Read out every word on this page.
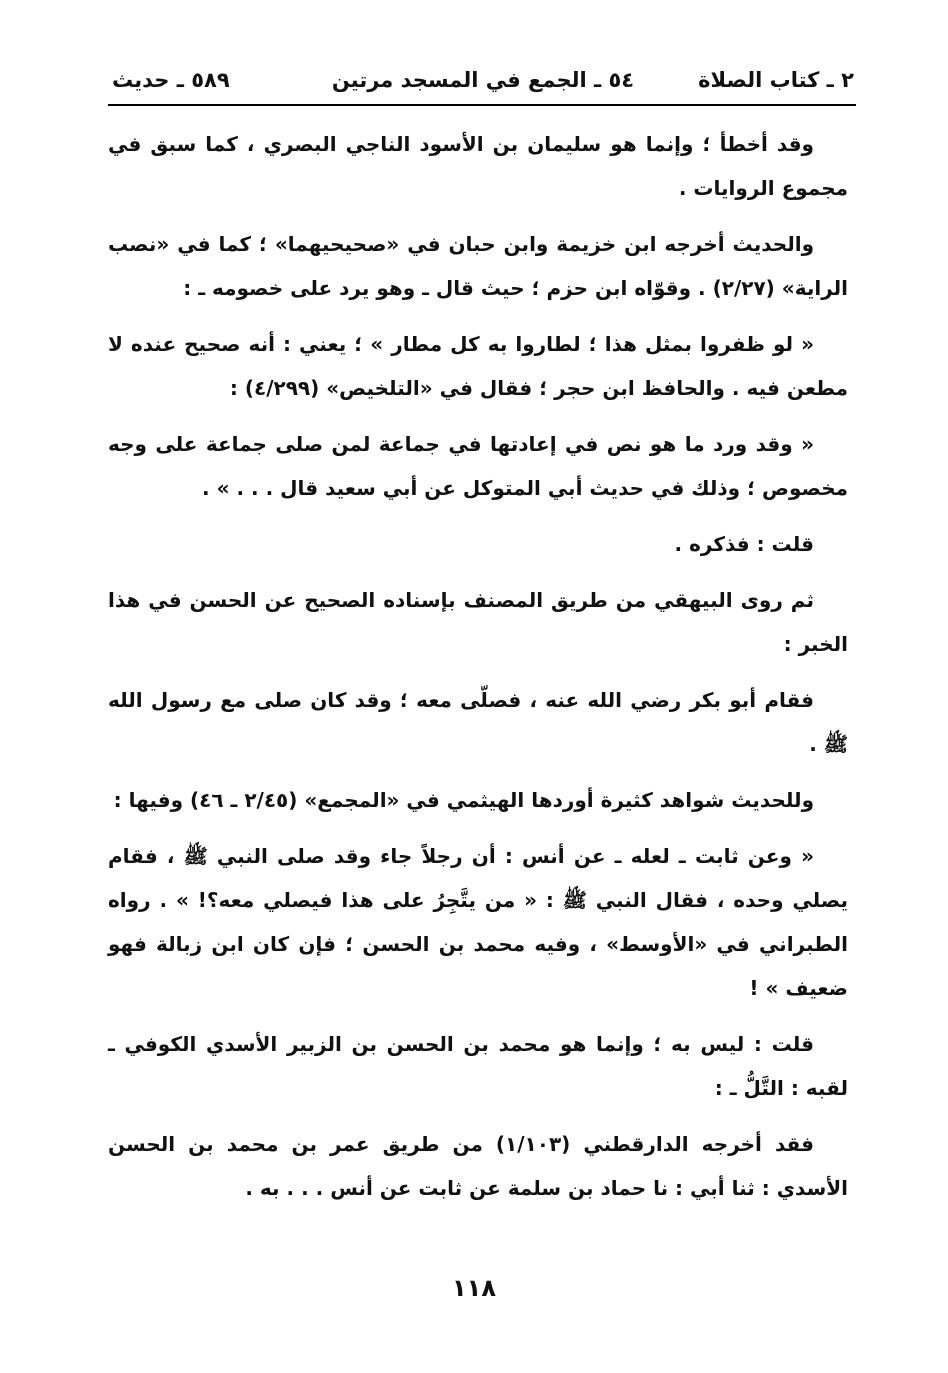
٢ ـ كتاب الصلاة
٥٤ ـ الجمع في المسجد مرتين
٥٨٩ ـ حديث

وقد أخطأ ؛ وإنما هو سليمان بن الأسود الناجي البصري ، كما سبق في مجموع الروايات .

والحديث أخرجه ابن خزيمة وابن حبان في «صحيحيهما» ؛ كما في «نصب الراية» (٢/٢٧) . وقوّاه ابن حزم ؛ حيث قال ـ وهو يرد على خصومه ـ :

« لو ظفروا بمثل هذا ؛ لطاروا به كل مطار » ؛ يعني : أنه صحيح عنده لا مطعن فيه . والحافظ ابن حجر ؛ فقال في «التلخيص» (٤/٢٩٩) :

« وقد ورد ما هو نص في إعادتها في جماعة لمن صلى جماعة على وجه مخصوص ؛ وذلك في حديث أبي المتوكل عن أبي سعيد قال . . . » .

قلت : فذكره .

ثم روى البيهقي من طريق المصنف بإسناده الصحيح عن الحسن في هذا الخبر :

فقام أبو بكر رضي الله عنه ، فصلّى معه ؛ وقد كان صلى مع رسول الله ﷺ .

وللحديث شواهد كثيرة أوردها الهيثمي في «المجمع» (٢/٤٥ ـ ٤٦) وفيها :

« وعن ثابت ـ لعله ـ عن أنس : أن رجلاً جاء وقد صلى النبي ﷺ ، فقام يصلي وحده ، فقال النبي ﷺ : « من يتَّجِرُ على هذا فيصلي معه؟! » . رواه الطبراني في «الأوسط» ، وفيه محمد بن الحسن ؛ فإن كان ابن زبالة فهو ضعيف » !

قلت : ليس به ؛ وإنما هو محمد بن الحسن بن الزبير الأسدي الكوفي ـ لقبه : التَّلُّ ـ :

فقد أخرجه الدارقطني (١/١٠٣) من طريق عمر بن محمد بن الحسن الأسدي : ثنا أبي : نا حماد بن سلمة عن ثابت عن أنس . . . به .

١١٨
